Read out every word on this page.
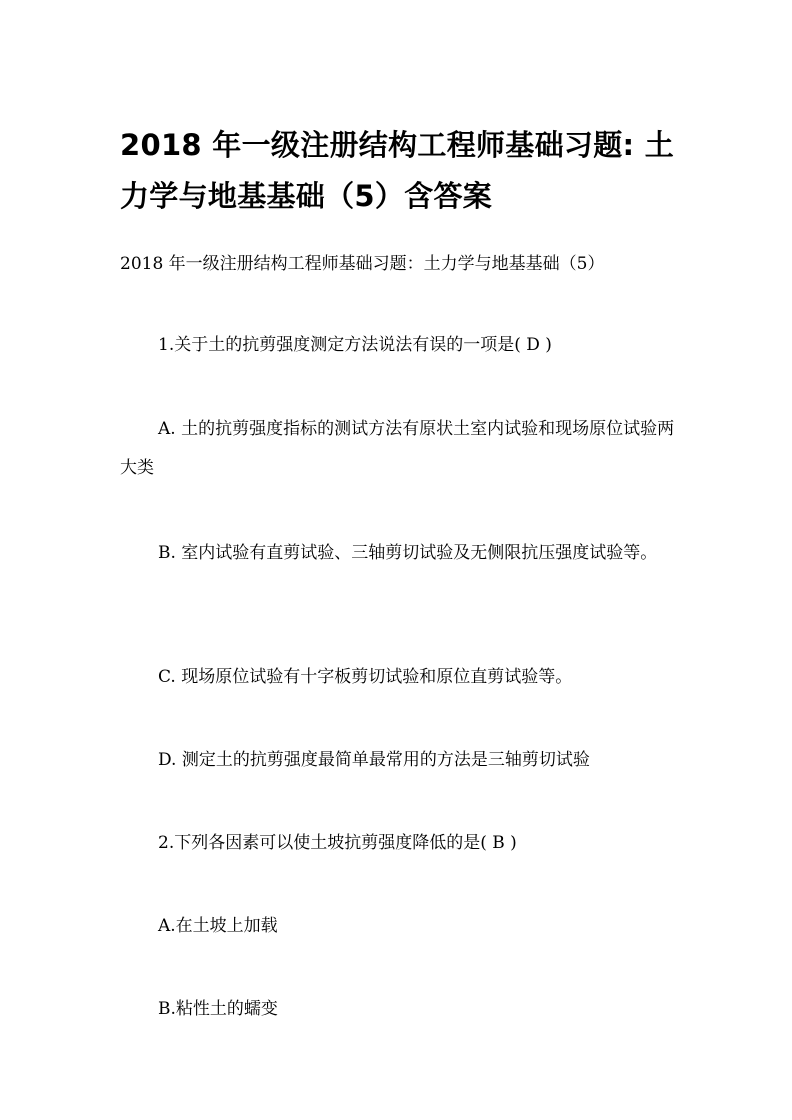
2018 年一级注册结构工程师基础习题: 土力学与地基基础（5）含答案

2018 年一级注册结构工程师基础习题：土力学与地基基础（5）

1.关于土的抗剪强度测定方法说法有误的一项是( D )

A. 土的抗剪强度指标的测试方法有原状土室内试验和现场原位试验两大类

B. 室内试验有直剪试验、三轴剪切试验及无侧限抗压强度试验等。

C. 现场原位试验有十字板剪切试验和原位直剪试验等。

D. 测定土的抗剪强度最简单最常用的方法是三轴剪切试验

2.下列各因素可以使土坡抗剪强度降低的是( B )

A.在土坡上加载

B.粘性土的蠕变
